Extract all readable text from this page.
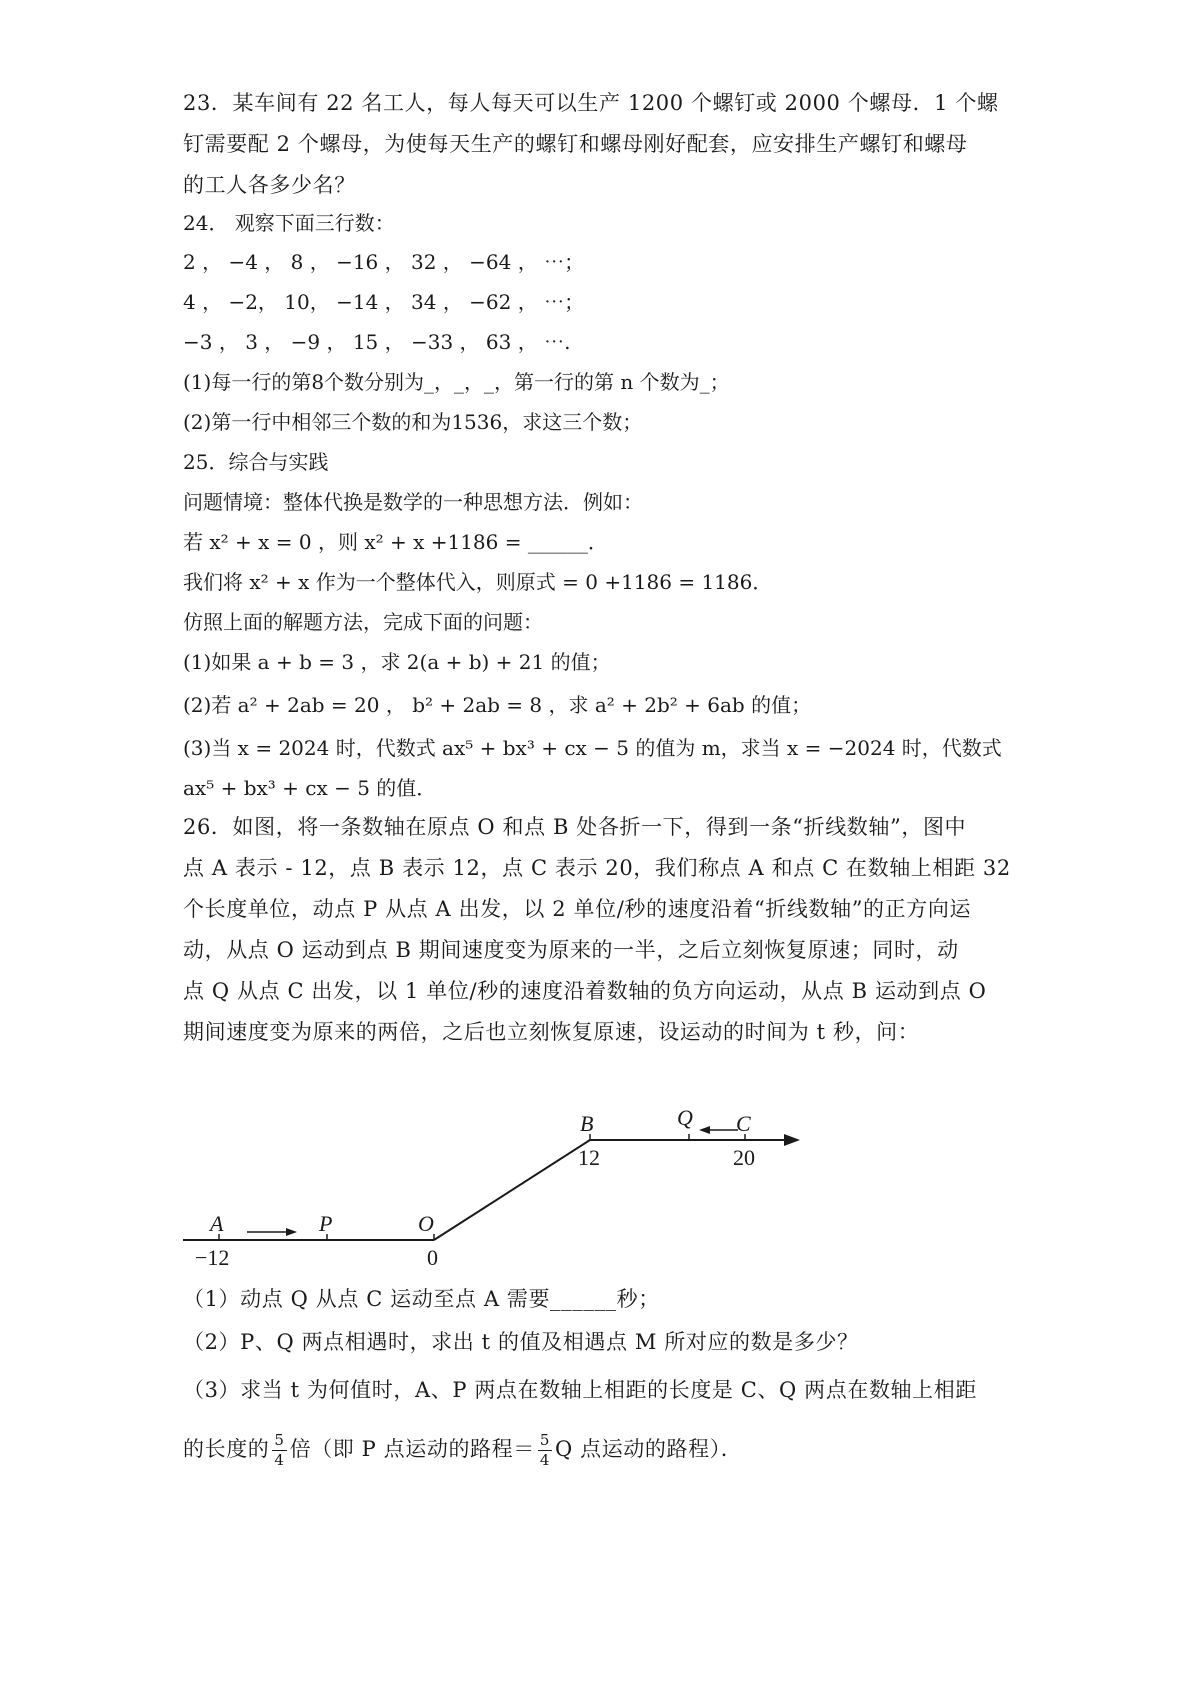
23．某车间有 22 名工人，每人每天可以生产 1200 个螺钉或 2000 个螺母．1 个螺
钉需要配 2 个螺母，为使每天生产的螺钉和螺母刚好配套，应安排生产螺钉和螺母
的工人各多少名？
24． 观察下面三行数：
2 ， −4 ， 8 ， −16 ， 32 ， −64 ， ⋯；
4 ， −2， 10， −14 ， 34 ， −62 ， ⋯；
−3 ， 3 ， −9 ， 15 ， −33 ， 63 ， ⋯.
(1)每一行的第8个数分别为_，_，_，第一行的第 n 个数为_；
(2)第一行中相邻三个数的和为1536，求这三个数；
25．综合与实践
问题情境：整体代换是数学的一种思想方法．例如：
若 x² + x = 0 ，则 x² + x +1186 = ______．
我们将 x² + x 作为一个整体代入，则原式 = 0 +1186 = 1186．
仿照上面的解题方法，完成下面的问题：
(1)如果 a + b = 3 ，求 2(a + b) + 21 的值；
(2)若 a² + 2ab = 20 ， b² + 2ab = 8 ，求 a² + 2b² + 6ab 的值；
(3)当 x = 2024 时，代数式 ax⁵ + bx³ + cx − 5 的值为 m，求当 x = −2024 时，代数式
ax⁵ + bx³ + cx − 5 的值．
26．如图，将一条数轴在原点 O 和点 B 处各折一下，得到一条“折线数轴”，图中
点 A 表示 - 12，点 B 表示 12，点 C 表示 20，我们称点 A 和点 C 在数轴上相距 32
个长度单位，动点 P 从点 A 出发，以 2 单位/秒的速度沿着“折线数轴”的正方向运
动，从点 O 运动到点 B 期间速度变为原来的一半，之后立刻恢复原速；同时，动
点 Q 从点 C 出发，以 1 单位/秒的速度沿着数轴的负方向运动，从点 B 运动到点 O
期间速度变为原来的两倍，之后也立刻恢复原速，设运动的时间为 t 秒，问：
A	P	O
B	Q C
−12	0
12	20
（1）动点 Q 从点 C 运动至点 A 需要______秒；
（2）P、Q 两点相遇时，求出 t 的值及相遇点 M 所对应的数是多少？
（3）求当 t 为何值时，A、P 两点在数轴上相距的长度是 C、Q 两点在数轴上相距
的长度的 $\frac{5}{4}$ 倍（即 P 点运动的路程＝ $\frac{5}{4}$ Q 点运动的路程）．
